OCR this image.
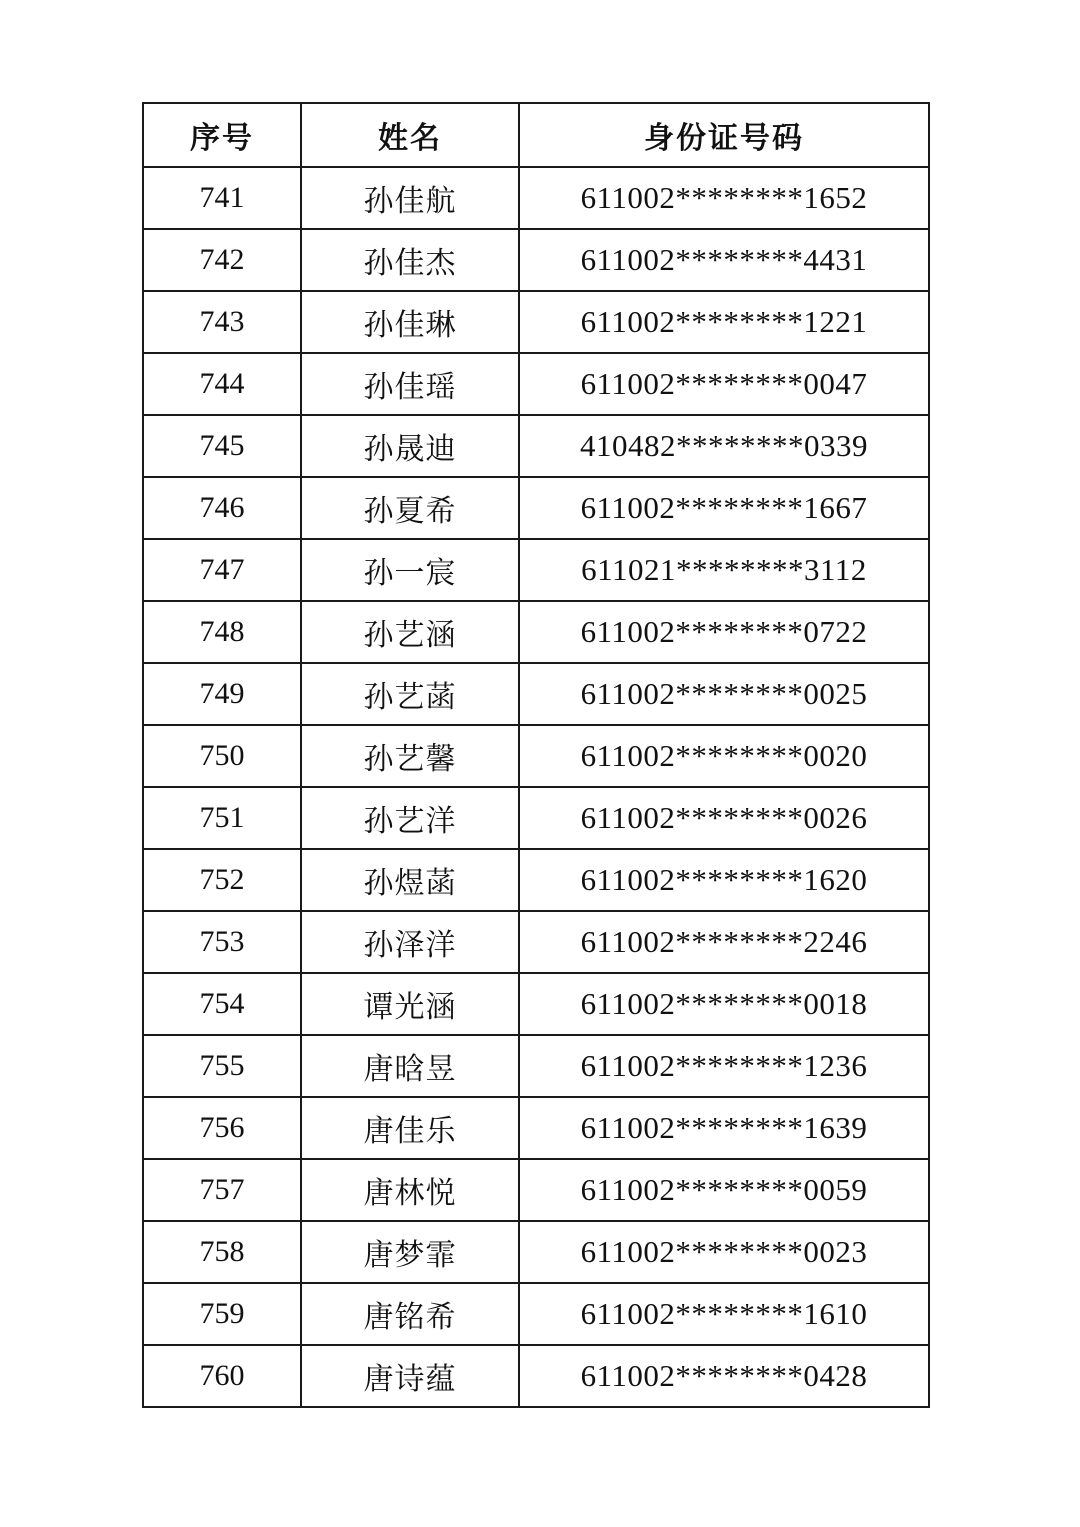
序号	姓名	身份证号码
741	孙佳航	611002********1652
742	孙佳杰	611002********4431
743	孙佳琳	611002********1221
744	孙佳瑶	611002********0047
745	孙晟迪	410482********0339
746	孙夏希	611002********1667
747	孙一宸	611021********3112
748	孙艺涵	611002********0722
749	孙艺菡	611002********0025
750	孙艺馨	611002********0020
751	孙艺洋	611002********0026
752	孙煜菡	611002********1620
753	孙泽洋	611002********2246
754	谭光涵	611002********0018
755	唐晗昱	611002********1236
756	唐佳乐	611002********1639
757	唐林悦	611002********0059
758	唐梦霏	611002********0023
759	唐铭希	611002********1610
760	唐诗蕴	611002********0428
